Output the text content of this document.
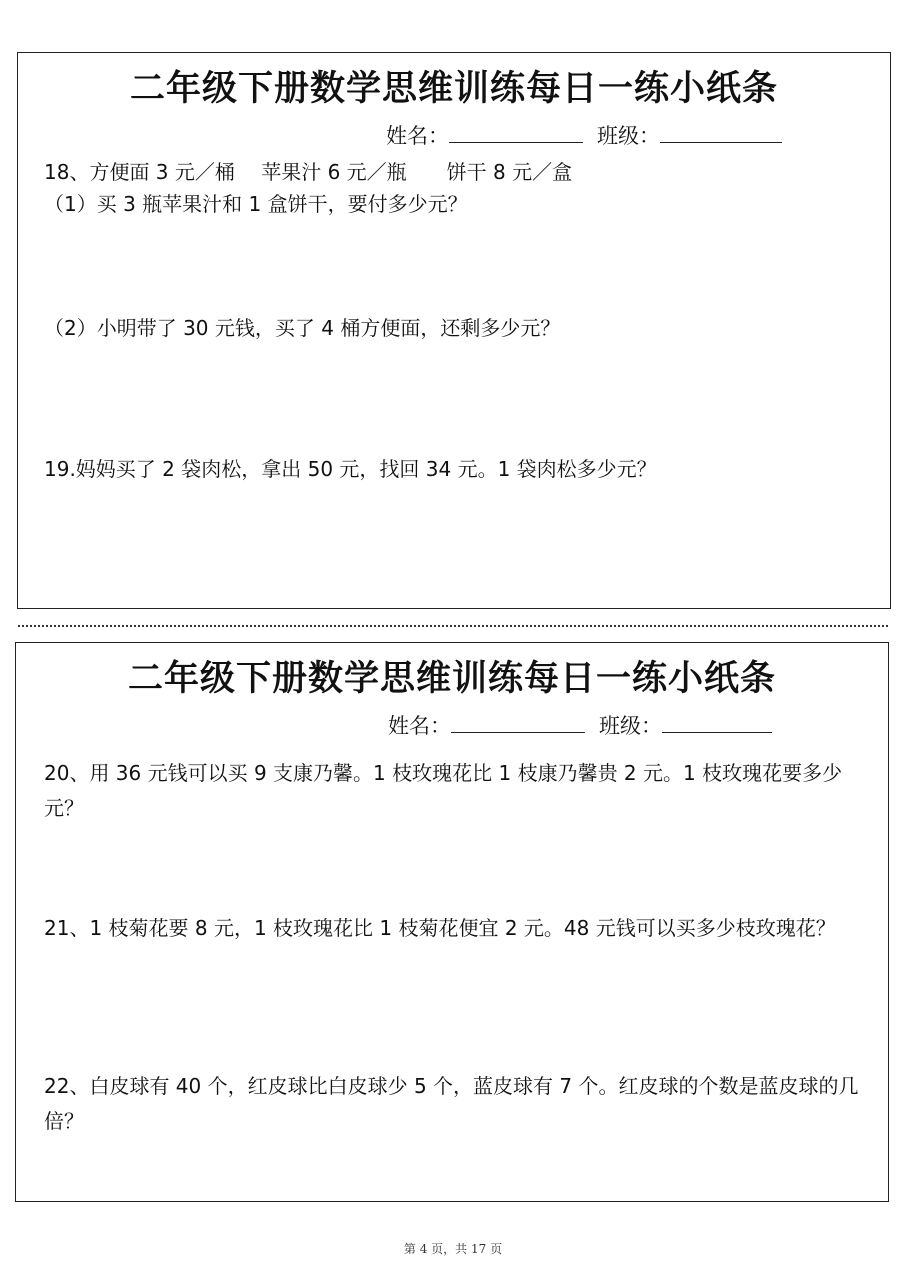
二年级下册数学思维训练每日一练小纸条
姓名：	班级：
18、方便面 3 元／桶　 苹果汁 6 元／瓶　　饼干 8 元／盒
（1）买 3 瓶苹果汁和 1 盒饼干，要付多少元？
（2）小明带了 30 元钱，买了 4 桶方便面，还剩多少元？
19.妈妈买了 2 袋肉松，拿出 50 元，找回 34 元。1 袋肉松多少元？
二年级下册数学思维训练每日一练小纸条
姓名：	班级：
20、用 36 元钱可以买 9 支康乃馨。1 枝玫瑰花比 1 枝康乃馨贵 2 元。1 枝玫瑰花要多少元？
21、1 枝菊花要 8 元，1 枝玫瑰花比 1 枝菊花便宜 2 元。48 元钱可以买多少枝玫瑰花？
22、白皮球有 40 个，红皮球比白皮球少 5 个，蓝皮球有 7 个。红皮球的个数是蓝皮球的几倍？
第 4 页，共 17 页
